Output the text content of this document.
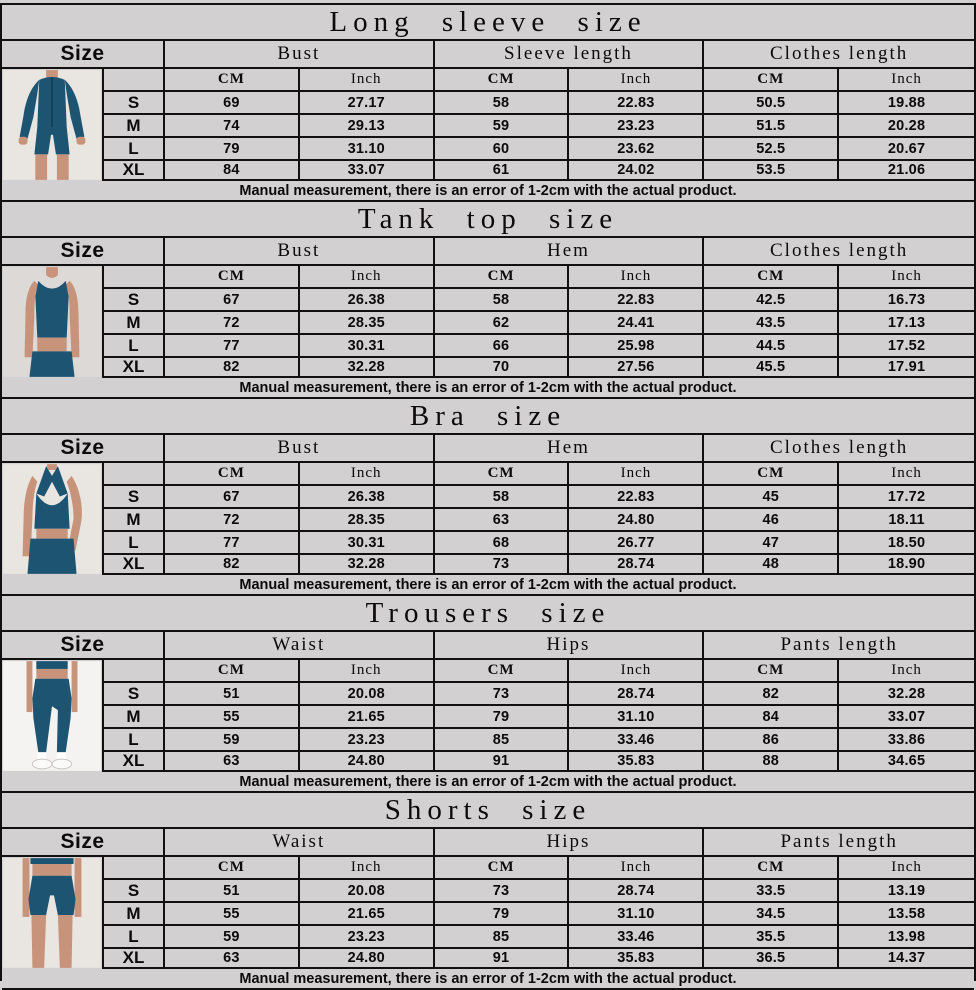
Long sleeve size
Size	Bust	Sleeve length	Clothes length
CM	Inch	CM	Inch	CM	Inch
S	69	27.17	58	22.83	50.5	19.88
M	74	29.13	59	23.23	51.5	20.28
L	79	31.10	60	23.62	52.5	20.67
XL	84	33.07	61	24.02	53.5	21.06
Manual measurement, there is an error of 1-2cm with the actual product.
Tank top size
Size	Bust	Hem	Clothes length
CM	Inch	CM	Inch	CM	Inch
S	67	26.38	58	22.83	42.5	16.73
M	72	28.35	62	24.41	43.5	17.13
L	77	30.31	66	25.98	44.5	17.52
XL	82	32.28	70	27.56	45.5	17.91
Manual measurement, there is an error of 1-2cm with the actual product.
Bra size
Size	Bust	Hem	Clothes length
CM	Inch	CM	Inch	CM	Inch
S	67	26.38	58	22.83	45	17.72
M	72	28.35	63	24.80	46	18.11
L	77	30.31	68	26.77	47	18.50
XL	82	32.28	73	28.74	48	18.90
Manual measurement, there is an error of 1-2cm with the actual product.
Trousers size
Size	Waist	Hips	Pants length
CM	Inch	CM	Inch	CM	Inch
S	51	20.08	73	28.74	82	32.28
M	55	21.65	79	31.10	84	33.07
L	59	23.23	85	33.46	86	33.86
XL	63	24.80	91	35.83	88	34.65
Manual measurement, there is an error of 1-2cm with the actual product.
Shorts size
Size	Waist	Hips	Pants length
CM	Inch	CM	Inch	CM	Inch
S	51	20.08	73	28.74	33.5	13.19
M	55	21.65	79	31.10	34.5	13.58
L	59	23.23	85	33.46	35.5	13.98
XL	63	24.80	91	35.83	36.5	14.37
Manual measurement, there is an error of 1-2cm with the actual product.
